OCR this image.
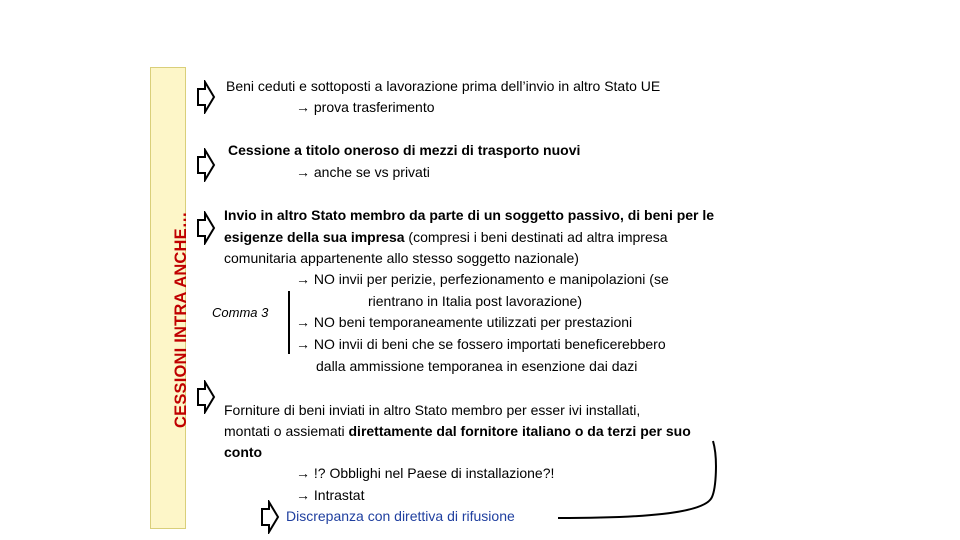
CESSIONI INTRA ANCHE…
Beni ceduti e sottoposti a lavorazione prima dell’invio in altro Stato UE
→ prova trasferimento
Cessione a titolo oneroso di mezzi di trasporto nuovi
→ anche se vs privati
Invio in altro Stato membro da parte di un soggetto passivo, di beni per le
esigenze della sua impresa (compresi i beni destinati ad altra impresa
comunitaria appartenente allo stesso soggetto nazionale)
→ NO invii per perizie, perfezionamento e manipolazioni (se
rientrano in Italia post lavorazione)
Comma 3
→ NO beni temporaneamente utilizzati per prestazioni
→ NO invii di beni che se fossero importati beneficerebbero
dalla ammissione temporanea in esenzione dai dazi
Forniture di beni inviati in altro Stato membro per esser ivi installati,
montati o assiemati direttamente dal fornitore italiano o da terzi per suo
conto
→ !? Obblighi nel Paese di installazione?!
→ Intrastat
Discrepanza con direttiva di rifusione
